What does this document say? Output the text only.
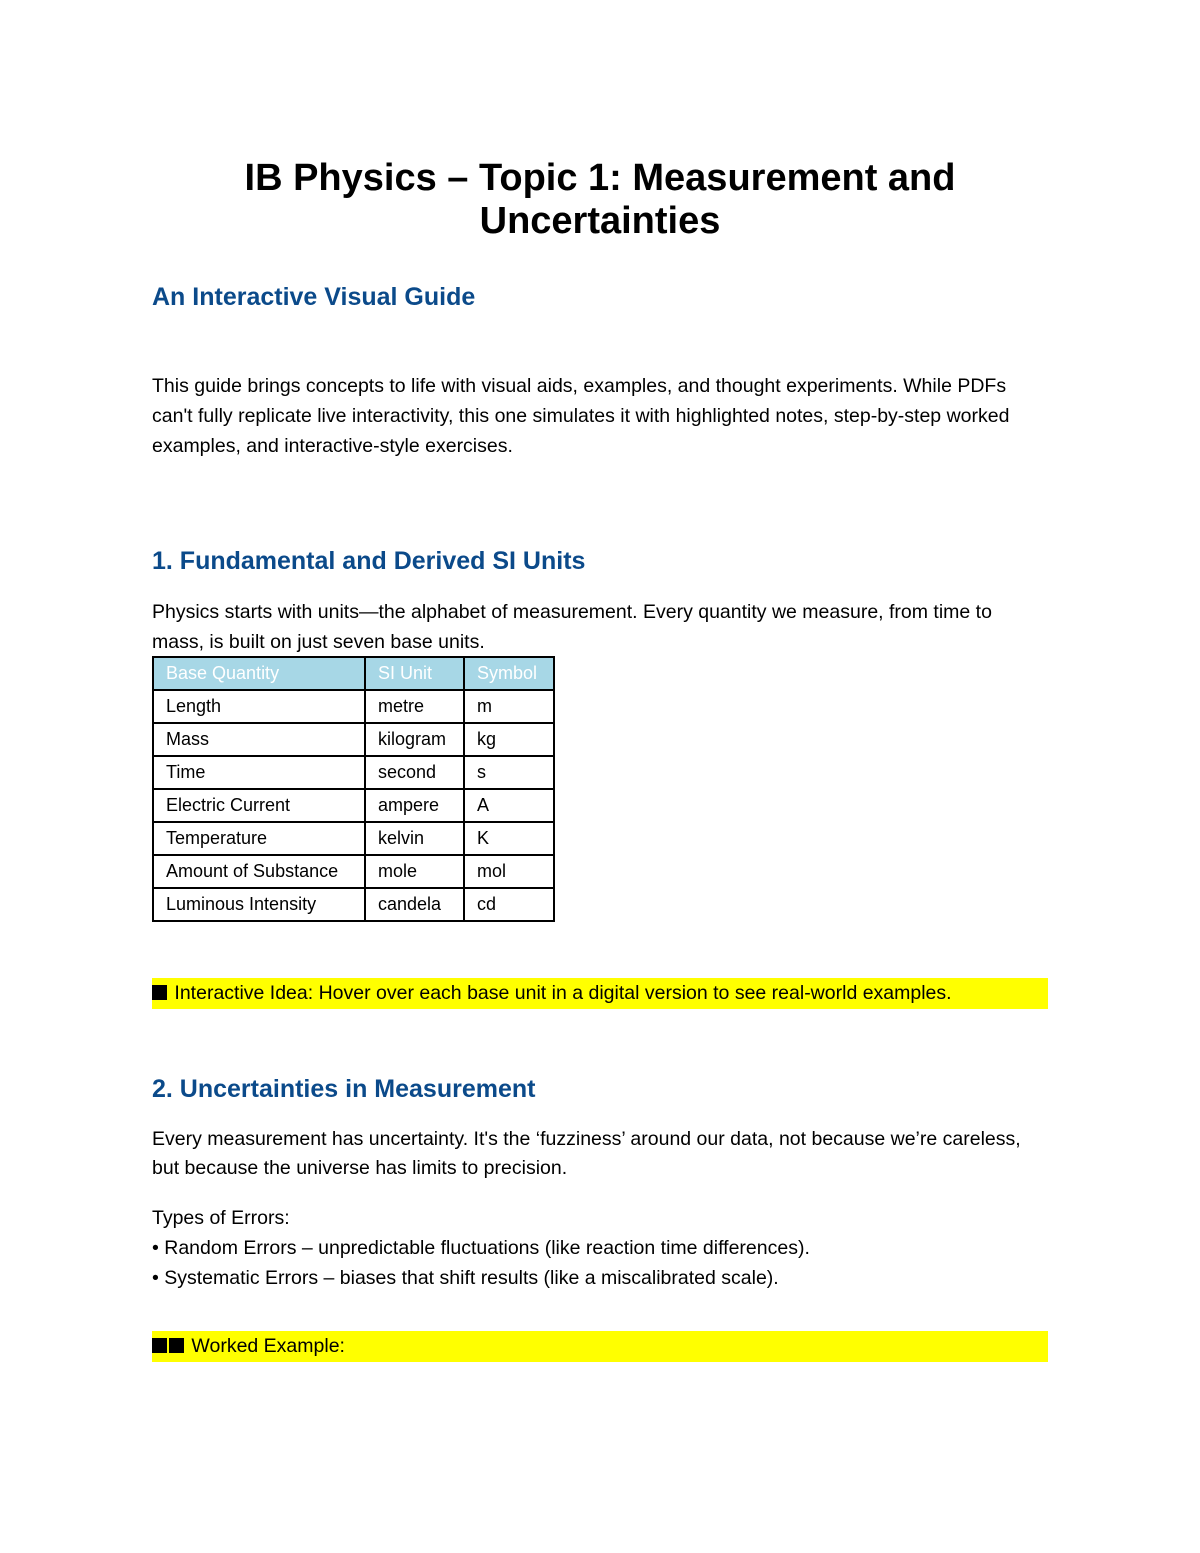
IB Physics – Topic 1: Measurement and Uncertainties
An Interactive Visual Guide

This guide brings concepts to life with visual aids, examples, and thought experiments. While PDFs can't fully replicate live interactivity, this one simulates it with highlighted notes, step-by-step worked examples, and interactive-style exercises.

1. Fundamental and Derived SI Units

Physics starts with units—the alphabet of measurement. Every quantity we measure, from time to mass, is built on just seven base units.

Base Quantity	SI Unit	Symbol
Length	metre	m
Mass	kilogram	kg
Time	second	s
Electric Current	ampere	A
Temperature	kelvin	K
Amount of Substance	mole	mol
Luminous Intensity	candela	cd
Interactive Idea: Hover over each base unit in a digital version to see real-world examples.
2. Uncertainties in Measurement

Every measurement has uncertainty. It's the ‘fuzziness’ around our data, not because we’re careless, but because the universe has limits to precision.

Types of Errors:

• Random Errors – unpredictable fluctuations (like reaction time differences).

• Systematic Errors – biases that shift results (like a miscalibrated scale).

Worked Example:
